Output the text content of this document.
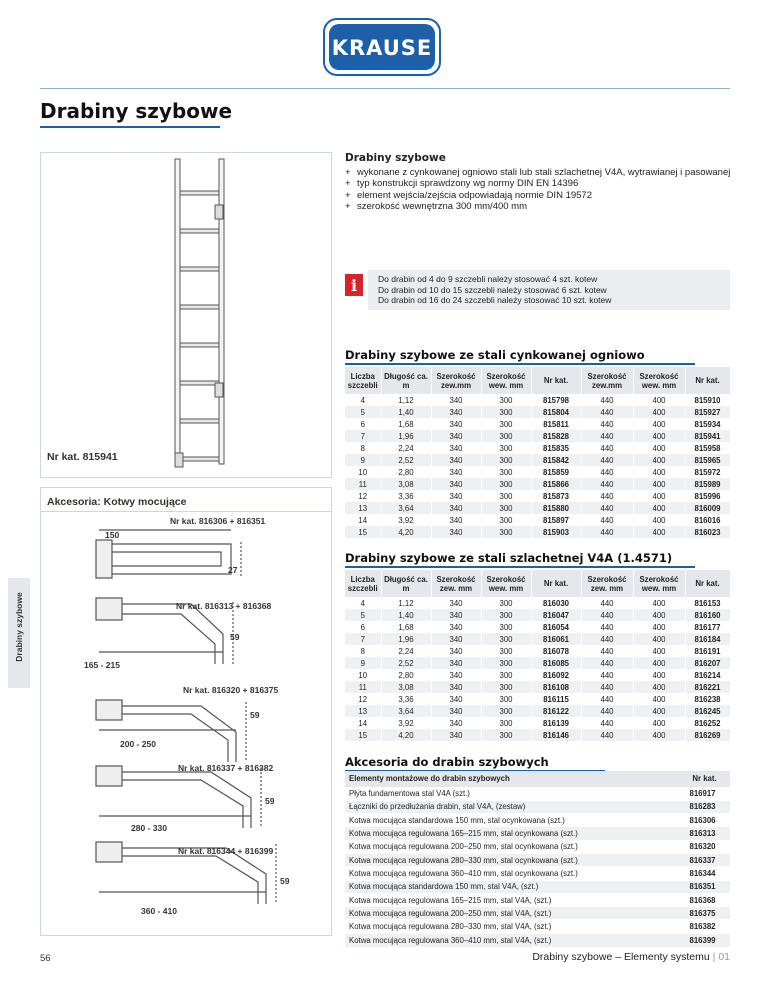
KRAUSE
Drabiny szybowe
Drabiny szybowe
Nr kat. 815941
Akcesoria: Kotwy mocujące
Nr kat. 816306 + 816351
150
27
Nr kat. 816313 + 816368
165 - 215
59
Nr kat. 816320 + 816375
200 - 250
59
Nr kat. 816337 + 816382
280 - 330
59
Nr kat. 816344 + 816399
360 - 410
59
Drabiny szybowe
+ wykonane z cynkowanej ogniowo stali lub stali szlachetnej V4A, wytrawianej i pasowanej
+ typ konstrukcji sprawdzony wg normy DIN EN 14396
+ element wejścia/zejścia odpowiadają normie DIN 19572
+ szerokość wewnętrzna 300 mm/400 mm
i	Do drabin od 4 do 9 szczebli należy stosować 4 szt. kotew
Do drabin od 10 do 15 szczebli należy stosować 6 szt. kotew
Do drabin od 16 do 24 szczebli należy stosować 10 szt. kotew
Drabiny szybowe ze stali cynkowanej ogniowo
Liczba szczebli	Długość ca. m	Szerokość zew.mm	Szerokość wew. mm	Nr kat.	Szerokość zew.mm	Szerokość wew. mm	Nr kat.
4	1,12	340	300	815798	440	400	815910
5	1,40	340	300	815804	440	400	815927
6	1,68	340	300	815811	440	400	815934
7	1,96	340	300	815828	440	400	815941
8	2,24	340	300	815835	440	400	815958
9	2,52	340	300	815842	440	400	815965
10	2,80	340	300	815859	440	400	815972
11	3,08	340	300	815866	440	400	815989
12	3,36	340	300	815873	440	400	815996
13	3,64	340	300	815880	440	400	816009
14	3,92	340	300	815897	440	400	816016
15	4,20	340	300	815903	440	400	816023
Drabiny szybowe ze stali szlachetnej V4A (1.4571)
Liczba szczebli	Długość ca. m	Szerokość zew. mm	Szerokość wew. mm	Nr kat.	Szerokość zew. mm	Szerokość wew. mm	Nr kat.
4	1,12	340	300	816030	440	400	816153
5	1,40	340	300	816047	440	400	816160
6	1,68	340	300	816054	440	400	816177
7	1,96	340	300	816061	440	400	816184
8	2,24	340	300	816078	440	400	816191
9	2,52	340	300	816085	440	400	816207
10	2,80	340	300	816092	440	400	816214
11	3,08	340	300	816108	440	400	816221
12	3,36	340	300	816115	440	400	816238
13	3,64	340	300	816122	440	400	816245
14	3,92	340	300	816139	440	400	816252
15	4,20	340	300	816146	440	400	816269
Akcesoria do drabin szybowych
Elementy montażowe do drabin szybowych	Nr kat.
Płyta fundamentowa stal V4A (szt.)	816917
Łączniki do przedłużania drabin, stal V4A, (zestaw)	816283
Kotwa mocująca standardowa 150 mm, stal ocynkowana (szt.)	816306
Kotwa mocująca regulowana 165–215 mm, stal ocynkowana (szt.)	816313
Kotwa mocująca regulowana 200–250 mm, stal ocynkowana (szt.)	816320
Kotwa mocująca regulowana 280–330 mm, stal ocynkowana (szt.)	816337
Kotwa mocująca regulowana 360–410 mm, stal ocynkowana (szt.)	816344
Kotwa mocująca standardowa 150 mm, stal V4A, (szt.)	816351
Kotwa mocująca regulowana 165–215 mm, stal V4A, (szt.)	816368
Kotwa mocująca regulowana 200–250 mm, stal V4A, (szt.)	816375
Kotwa mocująca regulowana 280–330 mm, stal V4A, (szt.)	816382
Kotwa mocująca regulowana 360–410 mm, stal V4A, (szt.)	816399
56	Drabiny szybowe – Elementy systemu | 01
